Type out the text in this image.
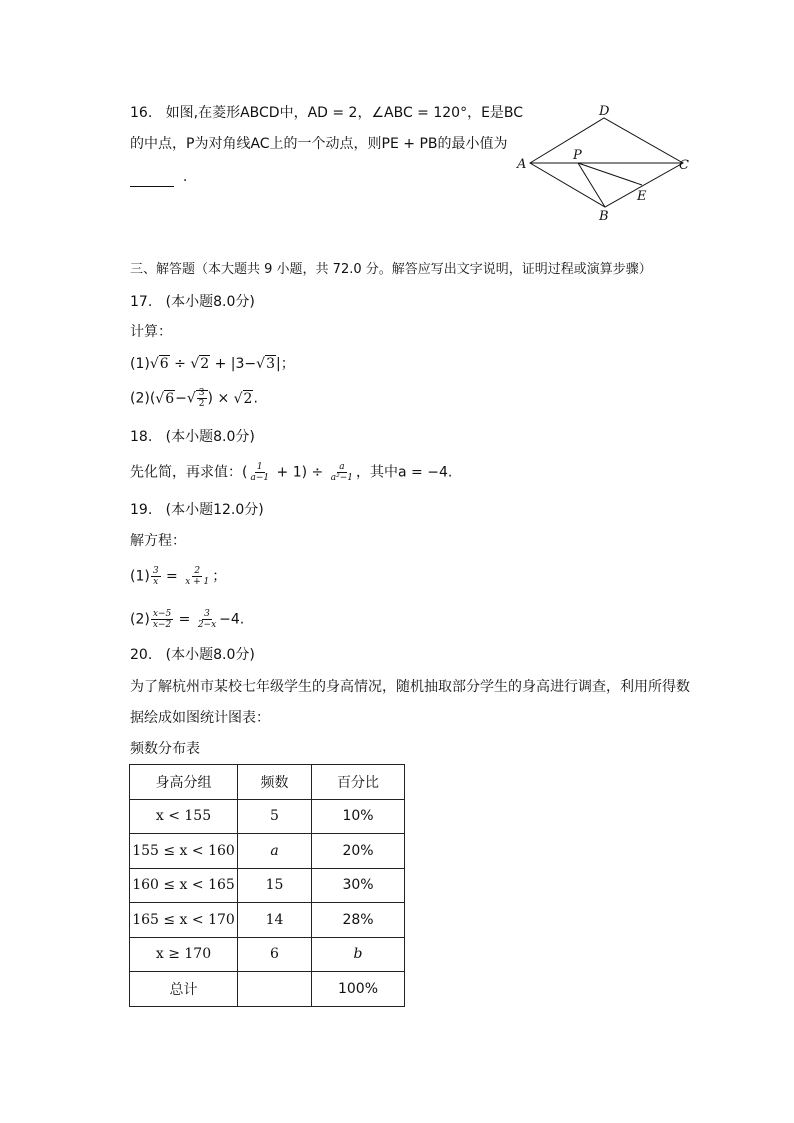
16. 如图,在菱形ABCD中，AD = 2，∠ABC = 120°，E是BC
的中点，P为对角线AC上的一个动点，则PE + PB的最小值为
.
D
A
P
C
E
B
三、解答题（本大题共 9 小题，共 72.0 分。解答应写出文字说明，证明过程或演算步骤）
17. (本小题8.0分)
计算：
(1)√6 ÷ √2 + |3−√3|；
$(2)(√6-√ \frac{3}{2}$ ) × √2.
18. (本小题8.0分)
先化简，再求值：( $\frac{1}{a-1} + 1) \div \frac{a}{\text{a²−1}}$ ，其中a = −4.
19. (本小题12.0分)
解方程：
$(1) \frac{3}{x} = \frac{2}{x + 1}$ ；
$(2) \frac{x-5}{x-2} = \frac{3}{2-x} -4$.
20. (本小题8.0分)
为了解杭州市某校七年级学生的身高情况，随机抽取部分学生的身高进行调查，利用所得数
据绘成如图统计图表：
频数分布表
身高分组	频数	百分比
x < 155	5	10%
155 ≤ x < 160	a	20%
160 ≤ x < 165	15	30%
165 ≤ x < 170	14	28%
x ≥ 170	6	b
总计		100%
